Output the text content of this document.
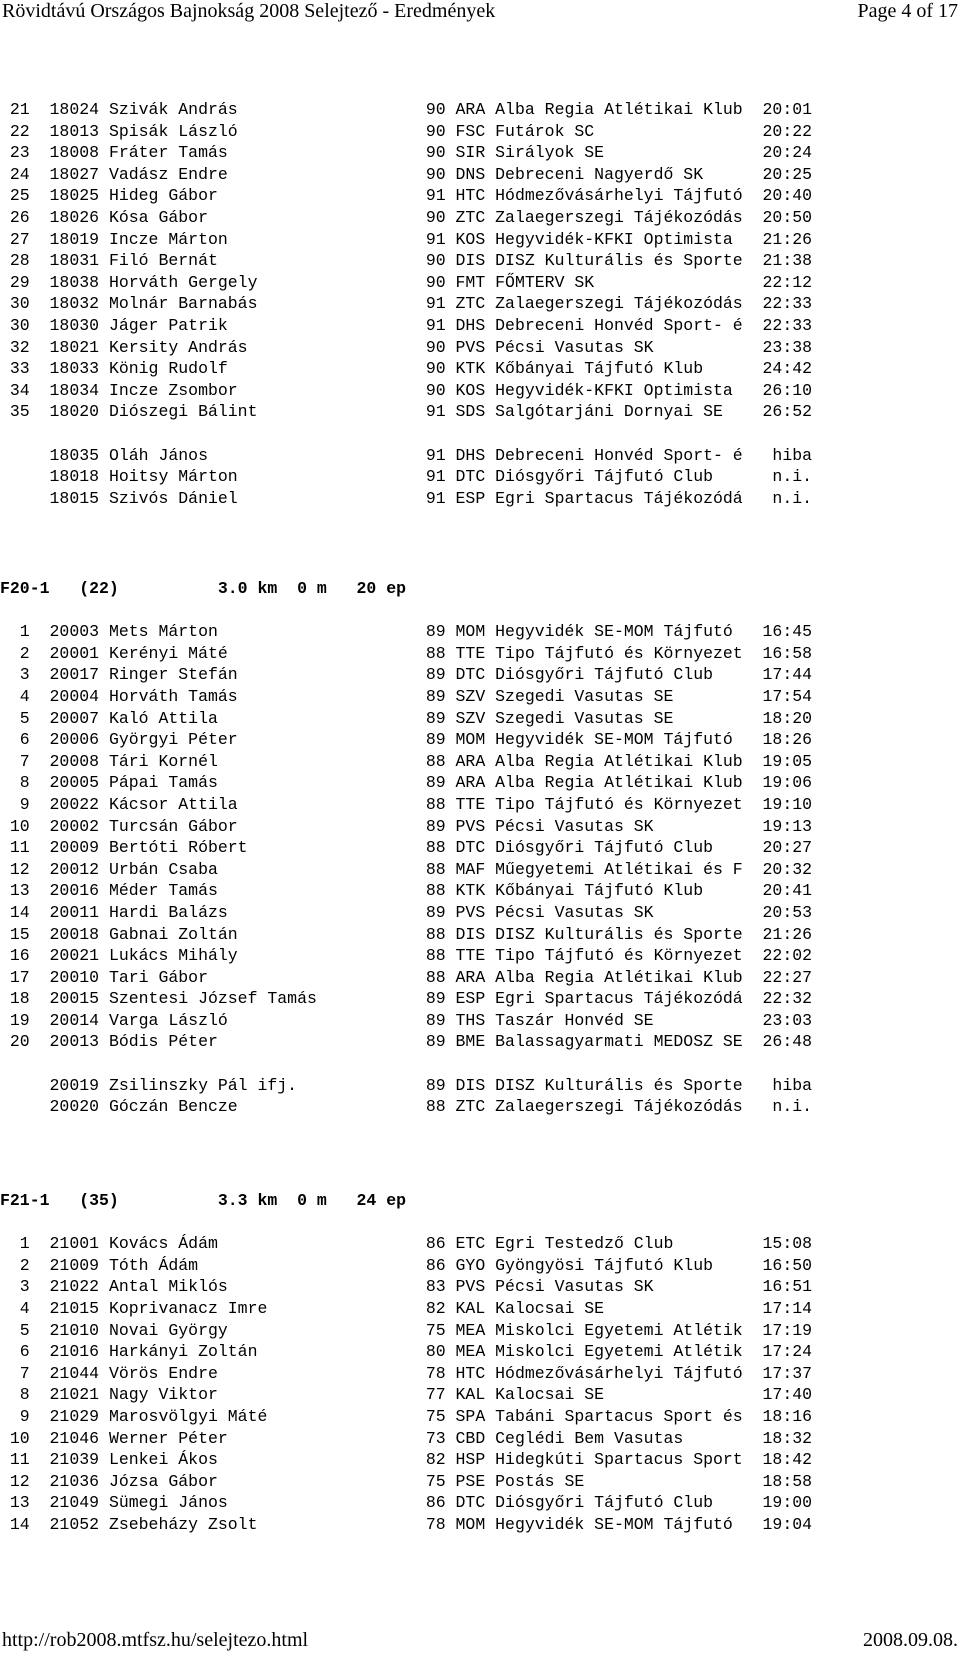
Rövidtávú Országos Bajnokság 2008 Selejtező - Eredmények	Page 4 of 17
21 18024 Szivák András                   90 ARA Alba Regia Atlétikai Klub  20:01
22 18013 Spisák László                   90 FSC Futárok SC                 20:22
23 18008 Fráter Tamás                    90 SIR Sirályok SE                20:24
24 18027 Vadász Endre                    90 DNS Debreceni Nagyerdő SK      20:25
25 18025 Hideg Gábor                     91 HTC Hódmezővásárhelyi Tájfutó  20:40
26 18026 Kósa Gábor                      90 ZTC Zalaegerszegi Tájékozódás  20:50
27 18019 Incze Márton                    91 KOS Hegyvidék-KFKI Optimista   21:26
28 18031 Filó Bernát                     90 DIS DISZ Kulturális és Sporte  21:38
29 18038 Horváth Gergely                 90 FMT FŐMTERV SK                 22:12
30 18032 Molnár Barnabás                 91 ZTC Zalaegerszegi Tájékozódás  22:33
30 18030 Jáger Patrik                    91 DHS Debreceni Honvéd Sport- é  22:33
32 18021 Kersity András                  90 PVS Pécsi Vasutas SK           23:38
33 18033 König Rudolf                    90 KTK Kőbányai Tájfutó Klub      24:42
34 18034 Incze Zsombor                   90 KOS Hegyvidék-KFKI Optimista   26:10
35 18020 Diószegi Bálint                 91 SDS Salgótarjáni Dornyai SE    26:52

18035 Oláh János                      91 DHS Debreceni Honvéd Sport- é   hiba
18018 Hoitsy Márton                   91 DTC Diósgyőri Tájfutó Club      n.i.
18015 Szivós Dániel                   91 ESP Egri Spartacus Tájékozódá   n.i.
F20-1   (22)          3.0 km 0 m 20 ep

1 20003 Mets Márton                     89 MOM Hegyvidék SE-MOM Tájfutó   16:45
2 20001 Kerényi Máté                    88 TTE Tipo Tájfutó és Környezet  16:58
3 20017 Ringer Stefán                   89 DTC Diósgyőri Tájfutó Club     17:44
4 20004 Horváth Tamás                   89 SZV Szegedi Vasutas SE         17:54
5 20007 Kaló Attila                     89 SZV Szegedi Vasutas SE         18:20
6 20006 Györgyi Péter                   89 MOM Hegyvidék SE-MOM Tájfutó   18:26
7 20008 Tári Kornél                     88 ARA Alba Regia Atlétikai Klub  19:05
8 20005 Pápai Tamás                     89 ARA Alba Regia Atlétikai Klub  19:06
9 20022 Kácsor Attila                   88 TTE Tipo Tájfutó és Környezet  19:10
10 20002 Turcsán Gábor                   89 PVS Pécsi Vasutas SK           19:13
11 20009 Bertóti Róbert                  88 DTC Diósgyőri Tájfutó Club     20:27
12 20012 Urbán Csaba                     88 MAF Műegyetemi Atlétikai és F  20:32
13 20016 Méder Tamás                     88 KTK Kőbányai Tájfutó Klub      20:41
14 20011 Hardi Balázs                    89 PVS Pécsi Vasutas SK           20:53
15 20018 Gabnai Zoltán                   88 DIS DISZ Kulturális és Sporte  21:26
16 20021 Lukács Mihály                   88 TTE Tipo Tájfutó és Környezet  22:02
17 20010 Tari Gábor                      88 ARA Alba Regia Atlétikai Klub  22:27
18 20015 Szentesi József Tamás           89 ESP Egri Spartacus Tájékozódá  22:32
19 20014 Varga László                    89 THS Taszár Honvéd SE           23:03
20 20013 Bódis Péter                     89 BME Balassagyarmati MEDOSZ SE  26:48

20019 Zsilinszky Pál ifj.             89 DIS DISZ Kulturális és Sporte   hiba
20020 Góczán Bencze                   88 ZTC Zalaegerszegi Tájékozódás   n.i.
F21-1   (35)          3.3 km 0 m 24 ep

1 21001 Kovács Ádám                     86 ETC Egri Testedző Club         15:08
2 21009 Tóth Ádám                       86 GYO Gyöngyösi Tájfutó Klub     16:50
3 21022 Antal Miklós                    83 PVS Pécsi Vasutas SK           16:51
4 21015 Koprivanacz Imre                82 KAL Kalocsai SE                17:14
5 21010 Novai György                    75 MEA Miskolci Egyetemi Atlétik  17:19
6 21016 Harkányi Zoltán                 80 MEA Miskolci Egyetemi Atlétik  17:24
7 21044 Vörös Endre                     78 HTC Hódmezővásárhelyi Tájfutó  17:37
8 21021 Nagy Viktor                     77 KAL Kalocsai SE                17:40
9 21029 Marosvölgyi Máté                75 SPA Tabáni Spartacus Sport és  18:16
10 21046 Werner Péter                    73 CBD Ceglédi Bem Vasutas        18:32
11 21039 Lenkei Ákos                     82 HSP Hidegkúti Spartacus Sport  18:42
12 21036 Józsa Gábor                     75 PSE Postás SE                  18:58
13 21049 Sümegi János                    86 DTC Diósgyőri Tájfutó Club     19:00
14 21052 Zsebeházy Zsolt                 78 MOM Hegyvidék SE-MOM Tájfutó   19:04
http://rob2008.mtfsz.hu/selejtezo.html	2008.09.08.
